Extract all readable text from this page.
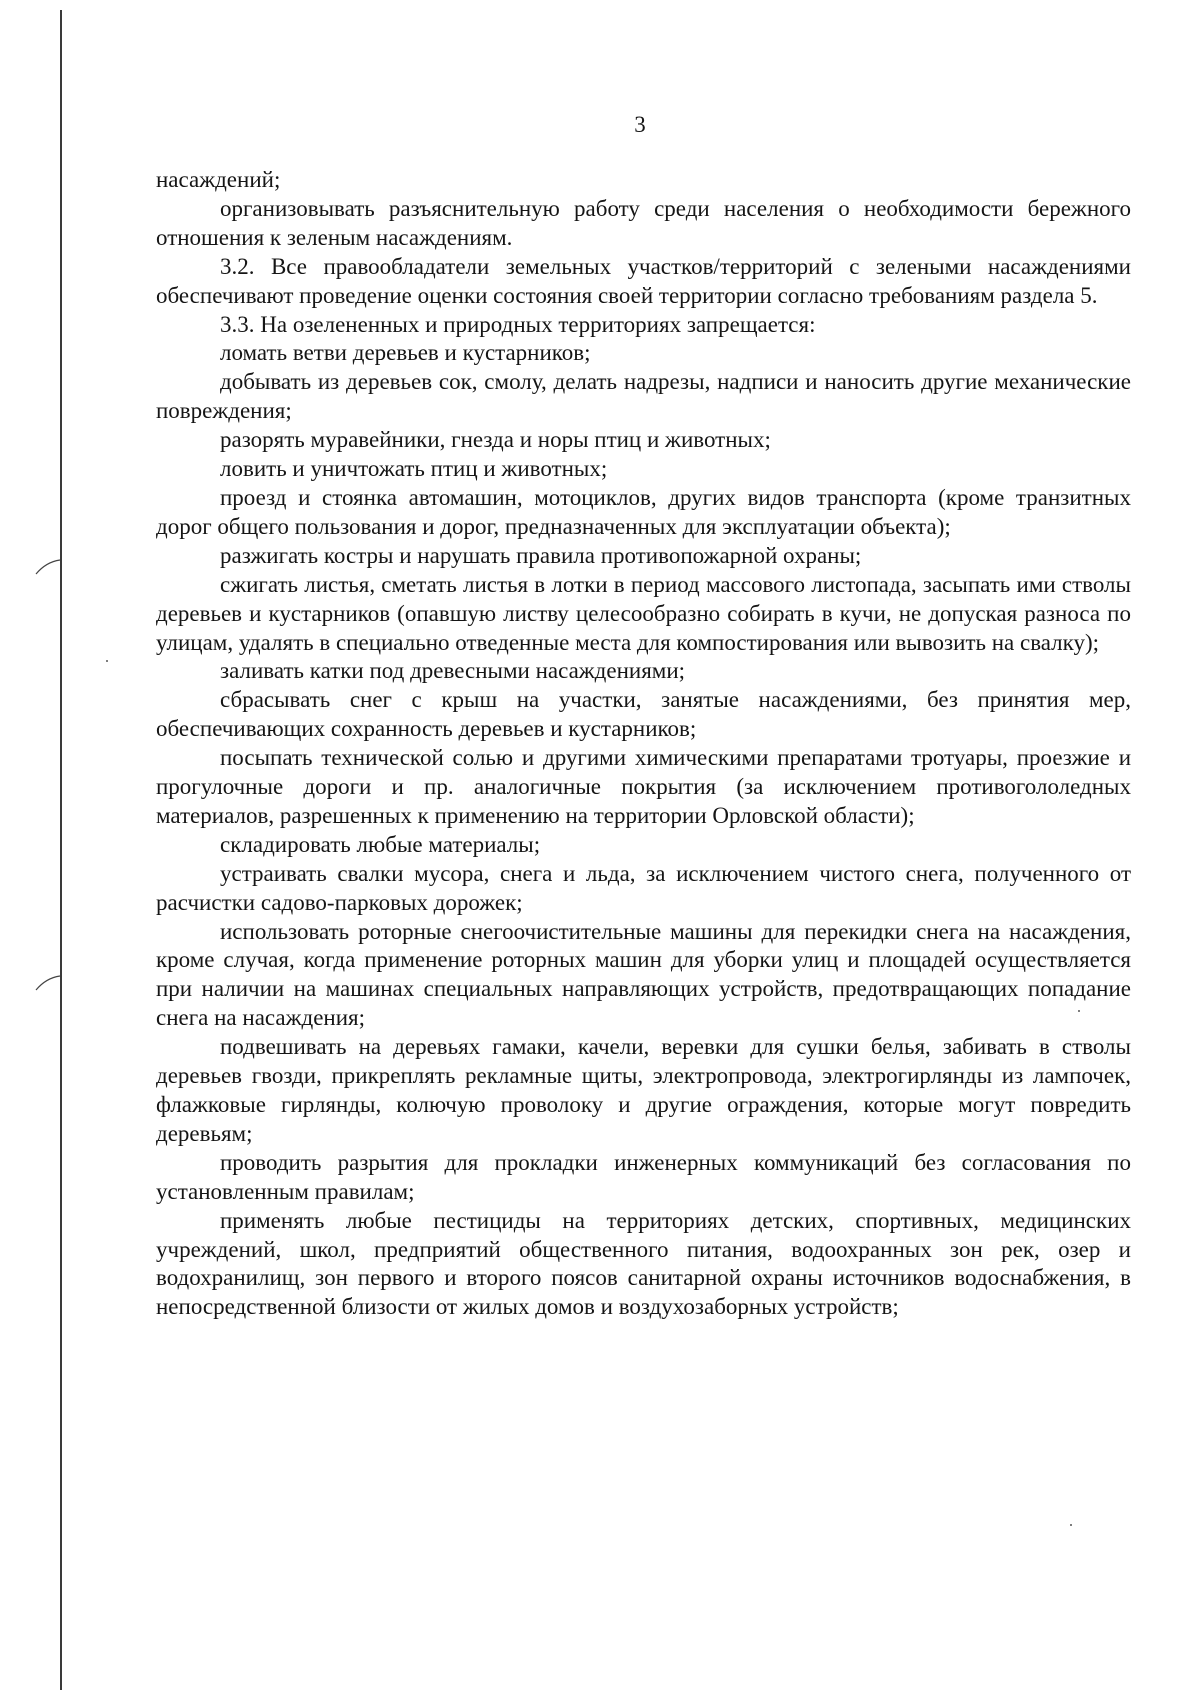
3

насаждений;

организовывать разъяснительную работу среди населения о необходимости бережного отношения к зеленым насаждениям.

3.2. Все правообладатели земельных участков/территорий с зелеными насаждениями обеспечивают проведение оценки состояния своей территории согласно требованиям раздела 5.

3.3. На озелененных и природных территориях запрещается:

ломать ветви деревьев и кустарников;

добывать из деревьев сок, смолу, делать надрезы, надписи и наносить другие механические повреждения;

разорять муравейники, гнезда и норы птиц и животных;

ловить и уничтожать птиц и животных;

проезд и стоянка автомашин, мотоциклов, других видов транспорта (кроме транзитных дорог общего пользования и дорог, предназначенных для эксплуатации объекта);

разжигать костры и нарушать правила противопожарной охраны;

сжигать листья, сметать листья в лотки в период массового листопада, засыпать ими стволы деревьев и кустарников (опавшую листву целесообразно собирать в кучи, не допуская разноса по улицам, удалять в специально отведенные места для компостирования или вывозить на свалку);

заливать катки под древесными насаждениями;

сбрасывать снег с крыш на участки, занятые насаждениями, без принятия мер, обеспечивающих сохранность деревьев и кустарников;

посыпать технической солью и другими химическими препаратами тротуары, проезжие и прогулочные дороги и пр. аналогичные покрытия (за исключением противогололедных материалов, разрешенных к применению на территории Орловской области);

складировать любые материалы;

устраивать свалки мусора, снега и льда, за исключением чистого снега, полученного от расчистки садово-парковых дорожек;

использовать роторные снегоочистительные машины для перекидки снега на насаждения, кроме случая, когда применение роторных машин для уборки улиц и площадей осуществляется при наличии на машинах специальных направляющих устройств, предотвращающих попадание снега на насаждения;

подвешивать на деревьях гамаки, качели, веревки для сушки белья, забивать в стволы деревьев гвозди, прикреплять рекламные щиты, электропровода, электрогирлянды из лампочек, флажковые гирлянды, колючую проволоку и другие ограждения, которые могут повредить деревьям;

проводить разрытия для прокладки инженерных коммуникаций без согласования по установленным правилам;

применять любые пестициды на территориях детских, спортивных, медицинских учреждений, школ, предприятий общественного питания, водоохранных зон рек, озер и водохранилищ, зон первого и второго поясов санитарной охраны источников водоснабжения, в непосредственной близости от жилых домов и воздухозаборных устройств;
